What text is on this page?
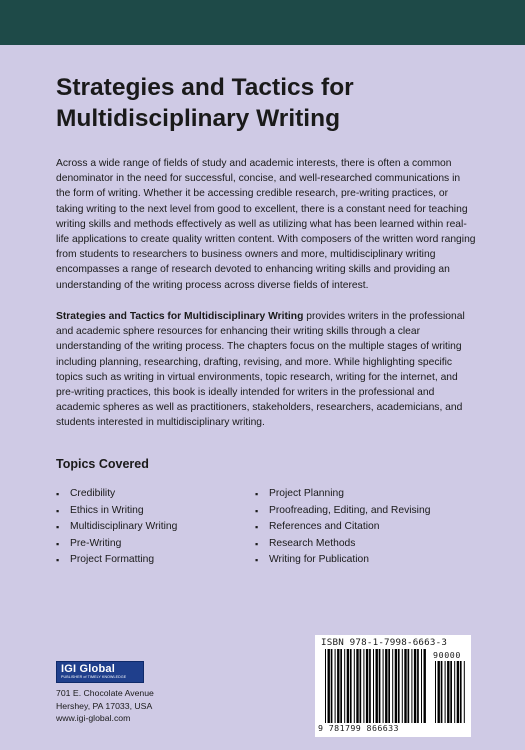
Strategies and Tactics for Multidisciplinary Writing

Across a wide range of fields of study and academic interests, there is often a common denominator in the need for successful, concise, and well-researched communications in the form of writing. Whether it be accessing credible research, pre-writing practices, or taking writing to the next level from good to excellent, there is a constant need for teaching writing skills and methods effectively as well as utilizing what has been learned within real-life applications to create quality written content. With composers of the written word ranging from students to researchers to business owners and more, multidisciplinary writing encompasses a range of research devoted to enhancing writing skills and providing an understanding of the writing process across diverse fields of interest.

Strategies and Tactics for Multidisciplinary Writing provides writers in the professional and academic sphere resources for enhancing their writing skills through a clear understanding of the writing process. The chapters focus on the multiple stages of writing including planning, researching, drafting, revising, and more. While highlighting specific topics such as writing in virtual environments, topic research, writing for the internet, and pre-writing practices, this book is ideally intended for writers in the professional and academic spheres as well as practitioners, stakeholders, researchers, academicians, and students interested in multidisciplinary writing.

Topics Covered
▪ Credibility
▪ Ethics in Writing
▪ Multidisciplinary Writing
▪ Pre-Writing
▪ Project Formatting
▪ Project Planning
▪ Proofreading, Editing, and Revising
▪ References and Citation
▪ Research Methods
▪ Writing for Publication
IGI Global
PUBLISHER of TIMELY KNOWLEDGE
701 E. Chocolate Avenue
Hershey, PA 17033, USA
www.igi-global.com
ISBN 978-1-7998-6663-3
90000
9 781799 866633
